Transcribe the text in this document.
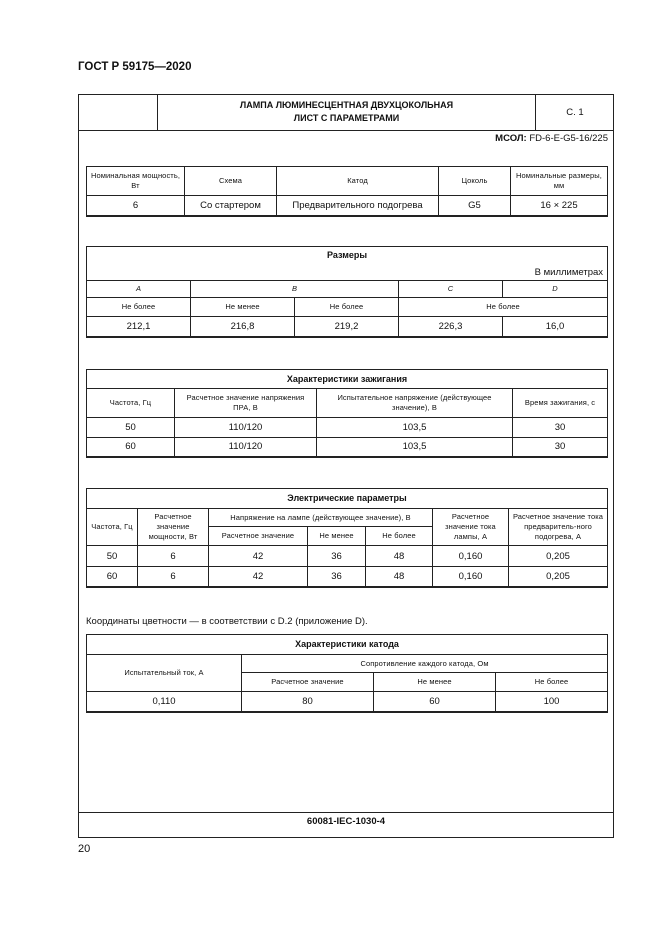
ГОСТ Р 59175—2020
ЛАМПА ЛЮМИНЕСЦЕНТНАЯ ДВУХЦОКОЛЬНАЯ
ЛИСТ С ПАРАМЕТРАМИ
С. 1
МСОЛ: FD-6-E-G5-16/225
Номинальная мощность, Вт	Схема	Катод	Цоколь	Номинальные размеры, мм
6	Со стартером	Предварительного подогрева	G5	16 × 225
Размеры				
В миллиметрах				
A	B		C	D
Не более	Не менее	Не более	Не более	
212,1	216,8	219,2	226,3	16,0
Характеристики зажигания			
Частота, Гц	Расчетное значение напряжения ПРА, В	Испытательное напряжение (действующее значение), В	Время зажигания, с
50	110/120	103,5	30
60	110/120	103,5	30
Электрические параметры						
Частота, Гц	Расчетное значение мощности, Вт	Напряжение на лампе (действующее значение), В			Расчетное значение тока лампы, А	Расчетное значение тока предваритель-ного подогрева, А
		Расчетное значение	Не менее	Не более		
50	6	42	36	48	0,160	0,205
60	6	42	36	48	0,160	0,205
Координаты цветности — в соответствии с D.2 (приложение D).
Характеристики катода			
Испытательный ток, А	Сопротивление каждого катода, Ом		
	Расчетное значение	Не менее	Не более
0,110	80	60	100
60081-IEC-1030-4
20
